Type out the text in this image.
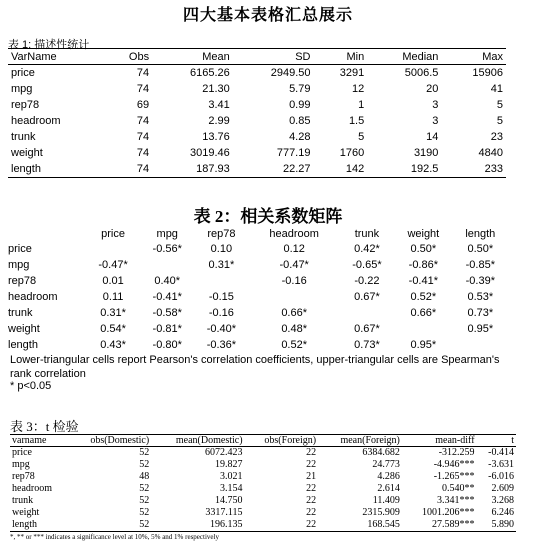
四大基本表格汇总展示
表 1: 描述性统计
VarName	Obs	Mean	SD	Min	Median	Max
price	74	6165.26	2949.50	3291	5006.5	15906
mpg	74	21.30	5.79	12	20	41
rep78	69	3.41	0.99	1	3	5
headroom	74	2.99	0.85	1.5	3	5
trunk	74	13.76	4.28	5	14	23
weight	74	3019.46	777.19	1760	3190	4840
length	74	187.93	22.27	142	192.5	233
表 2：相关系数矩阵
	price	mpg	rep78	headroom	trunk	weight	length
price		-0.56*	0.10	0.12	0.42*	0.50*	0.50*
mpg	-0.47*		0.31*	-0.47*	-0.65*	-0.86*	-0.85*
rep78	0.01	0.40*		-0.16	-0.22	-0.41*	-0.39*
headroom	0.11	-0.41*	-0.15		0.67*	0.52*	0.53*
trunk	0.31*	-0.58*	-0.16	0.66*		0.66*	0.73*
weight	0.54*	-0.81*	-0.40*	0.48*	0.67*		0.95*
length	0.43*	-0.80*	-0.36*	0.52*	0.73*	0.95*	
Lower-triangular cells report Pearson's correlation coefficients, upper-triangular cells are Spearman's rank correlation
* p<0.05
表 3：t 检验
varname	obs(Domestic)	mean(Domestic)	obs(Foreign)	mean(Foreign)	mean-diff	t
price	52	6072.423	22	6384.682	-312.259	-0.414
mpg	52	19.827	22	24.773	-4.946***	-3.631
rep78	48	3.021	21	4.286	-1.265***	-6.016
headroom	52	3.154	22	2.614	0.540**	2.609
trunk	52	14.750	22	11.409	3.341***	3.268
weight	52	3317.115	22	2315.909	1001.206***	6.246
length	52	196.135	22	168.545	27.589***	5.890
*, ** or *** indicates a significance level at 10%, 5% and 1% respectively
